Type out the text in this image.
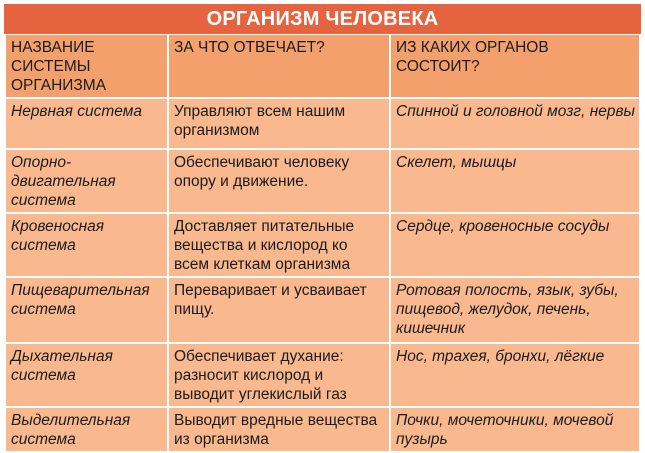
ОРГАНИЗМ ЧЕЛОВЕКА
НАЗВАНИЕ СИСТЕМЫ ОРГАНИЗМА	ЗА ЧТО ОТВЕЧАЕТ?	ИЗ КАКИХ ОРГАНОВ СОСТОИТ?
Нервная система	Управляют всем нашим организмом	Спинной и головной мозг, нервы
Опорно-двигательная система	Обеспечивают человеку опору и движение.	Скелет, мышцы
Кровеносная система	Доставляет питательные вещества и кислород ко всем клеткам организма	Сердце, кровеносные сосуды
Пищеварительная система	Переваривает и усваивает пищу.	Ротовая полость, язык, зубы, пищевод, желудок, печень, кишечник
Дыхательная система	Обеспечивает духание: разносит кислород и выводит углекислый газ	Нос, трахея, бронхи, лёгкие
Выделительная система	Выводит вредные вещества из организма	Почки, мочеточники, мочевой пузырь
